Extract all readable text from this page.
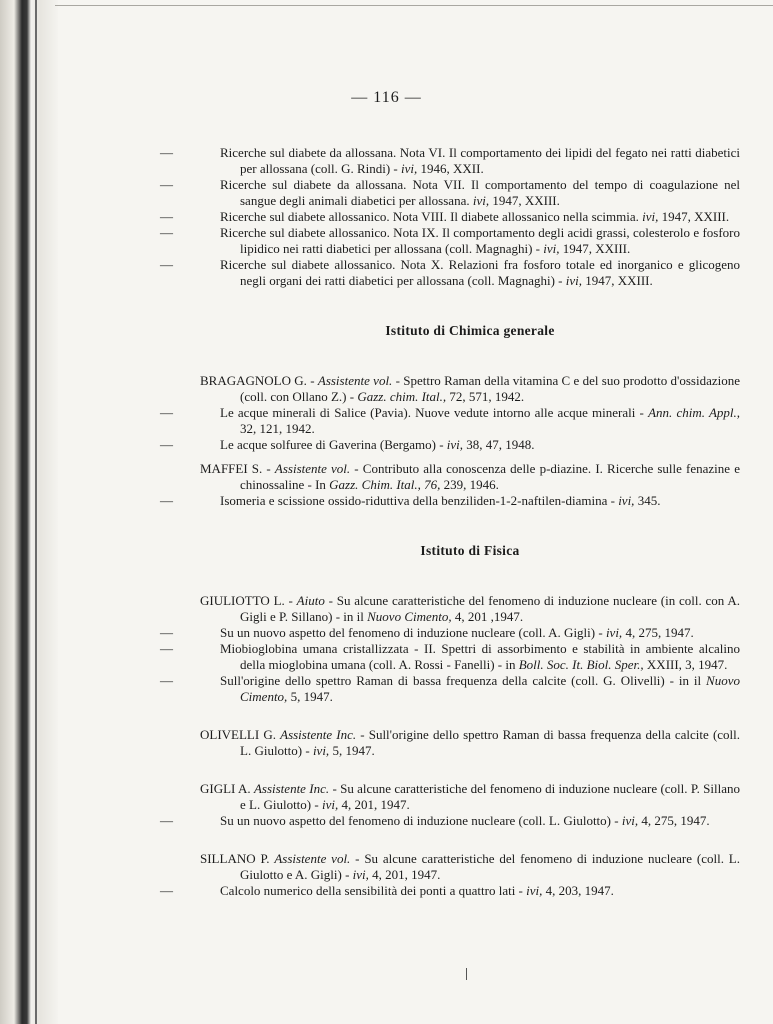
— 116 —
—	Ricerche sul diabete da allossana. Nota VI. Il comportamento dei lipidi del fegato nei ratti diabetici per allossana (coll. G. Rindi) - ivi, 1946, XXII.
—	Ricerche sul diabete da allossana. Nota VII. Il comportamento del tempo di coagulazione nel sangue degli animali diabetici per allossana. ivi, 1947, XXIII.
—	Ricerche sul diabete allossanico. Nota VIII. Il diabete allossanico nella scimmia. ivi, 1947, XXIII.
—	Ricerche sul diabete allossanico. Nota IX. Il comportamento degli acidi grassi, colesterolo e fosforo lipidico nei ratti diabetici per allossana (coll. Magnaghi) - ivi, 1947, XXIII.
—	Ricerche sul diabete allossanico. Nota X. Relazioni fra fosforo totale ed inorganico e glicogeno negli organi dei ratti diabetici per allossana (coll. Magnaghi) - ivi, 1947, XXIII.
Istituto di Chimica generale
BRAGAGNOLO G. - Assistente vol. - Spettro Raman della vitamina C e del suo prodotto d'ossidazione (coll. con Ollano Z.) - Gazz. chim. Ital., 72, 571, 1942.
—	Le acque minerali di Salice (Pavia). Nuove vedute intorno alle acque minerali - Ann. chim. Appl., 32, 121, 1942.
—	Le acque solfuree di Gaverina (Bergamo) - ivi, 38, 47, 1948.
MAFFEI S. - Assistente vol. - Contributo alla conoscenza delle p-diazine. I. Ricerche sulle fenazine e chinossaline - In Gazz. Chim. Ital., 76, 239, 1946.
—	Isomeria e scissione ossido-riduttiva della benziliden-1-2-naftilen-diamina - ivi, 345.
Istituto di Fisica
GIULIOTTO L. - Aiuto - Su alcune caratteristiche del fenomeno di induzione nucleare (in coll. con A. Gigli e P. Sillano) - in il Nuovo Cimento, 4, 201 ,1947.
—	Su un nuovo aspetto del fenomeno di induzione nucleare (coll. A. Gigli) - ivi, 4, 275, 1947.
—	Miobioglobina umana cristallizzata - II. Spettri di assorbimento e stabilità in ambiente alcalino della mioglobina umana (coll. A. Rossi - Fanelli) - in Boll. Soc. It. Biol. Sper., XXIII, 3, 1947.
—	Sull'origine dello spettro Raman di bassa frequenza della calcite (coll. G. Olivelli) - in il Nuovo Cimento, 5, 1947.
OLIVELLI G. Assistente Inc. - Sull'origine dello spettro Raman di bassa frequenza della calcite (coll. L. Giulotto) - ivi, 5, 1947.
GIGLI A. Assistente Inc. - Su alcune caratteristiche del fenomeno di induzione nucleare (coll. P. Sillano e L. Giulotto) - ivi, 4, 201, 1947.
—	Su un nuovo aspetto del fenomeno di induzione nucleare (coll. L. Giulotto) - ivi, 4, 275, 1947.
SILLANO P. Assistente vol. - Su alcune caratteristiche del fenomeno di induzione nucleare (coll. L. Giulotto e A. Gigli) - ivi, 4, 201, 1947.
—	Calcolo numerico della sensibilità dei ponti a quattro lati - ivi, 4, 203, 1947.
